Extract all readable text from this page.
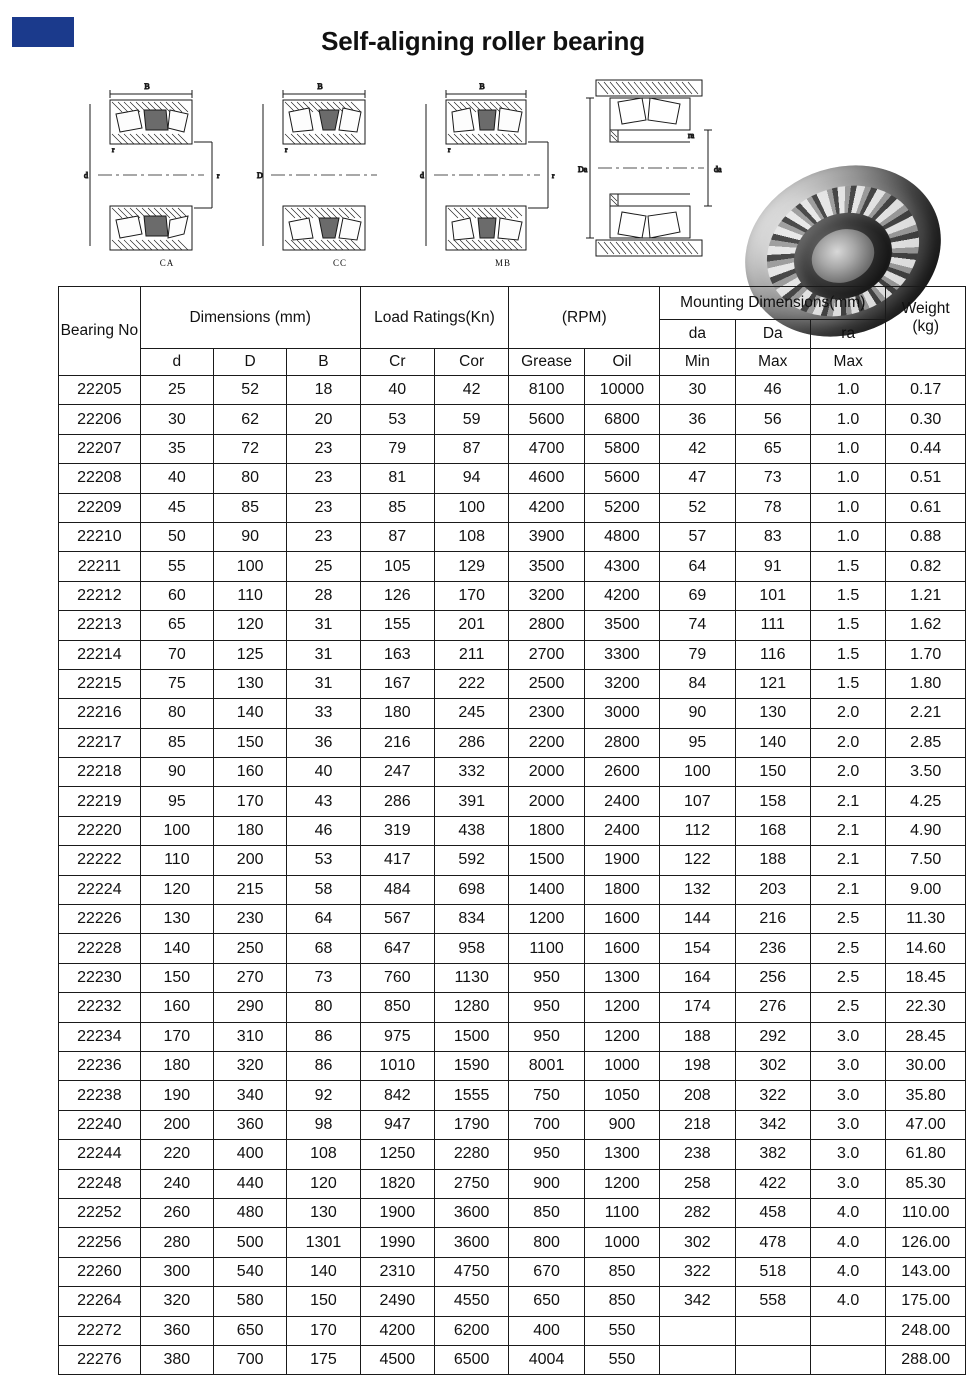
Self-aligning roller bearing
B
d
r
r
CA
B
D
r
CC
B
d
r
r
MB
Da	da
ra
Bearing No	Dimensions (mm)			Load Ratings(Kn)		(RPM)		Mounting Dimensions(mm)			Weight (kg)
								da	Da	ra	
	d	D	B	Cr	Cor	Grease	Oil	Min	Max	Max	
22205	25	52	18	40	42	8100	10000	30	46	1.0	0.17
22206	30	62	20	53	59	5600	6800	36	56	1.0	0.30
22207	35	72	23	79	87	4700	5800	42	65	1.0	0.44
22208	40	80	23	81	94	4600	5600	47	73	1.0	0.51
22209	45	85	23	85	100	4200	5200	52	78	1.0	0.61
22210	50	90	23	87	108	3900	4800	57	83	1.0	0.88
22211	55	100	25	105	129	3500	4300	64	91	1.5	0.82
22212	60	110	28	126	170	3200	4200	69	101	1.5	1.21
22213	65	120	31	155	201	2800	3500	74	111	1.5	1.62
22214	70	125	31	163	211	2700	3300	79	116	1.5	1.70
22215	75	130	31	167	222	2500	3200	84	121	1.5	1.80
22216	80	140	33	180	245	2300	3000	90	130	2.0	2.21
22217	85	150	36	216	286	2200	2800	95	140	2.0	2.85
22218	90	160	40	247	332	2000	2600	100	150	2.0	3.50
22219	95	170	43	286	391	2000	2400	107	158	2.1	4.25
22220	100	180	46	319	438	1800	2400	112	168	2.1	4.90
22222	110	200	53	417	592	1500	1900	122	188	2.1	7.50
22224	120	215	58	484	698	1400	1800	132	203	2.1	9.00
22226	130	230	64	567	834	1200	1600	144	216	2.5	11.30
22228	140	250	68	647	958	1100	1600	154	236	2.5	14.60
22230	150	270	73	760	1130	950	1300	164	256	2.5	18.45
22232	160	290	80	850	1280	950	1200	174	276	2.5	22.30
22234	170	310	86	975	1500	950	1200	188	292	3.0	28.45
22236	180	320	86	1010	1590	8001	1000	198	302	3.0	30.00
22238	190	340	92	842	1555	750	1050	208	322	3.0	35.80
22240	200	360	98	947	1790	700	900	218	342	3.0	47.00
22244	220	400	108	1250	2280	950	1300	238	382	3.0	61.80
22248	240	440	120	1820	2750	900	1200	258	422	3.0	85.30
22252	260	480	130	1900	3600	850	1100	282	458	4.0	110.00
22256	280	500	1301	1990	3600	800	1000	302	478	4.0	126.00
22260	300	540	140	2310	4750	670	850	322	518	4.0	143.00
22264	320	580	150	2490	4550	650	850	342	558	4.0	175.00
22272	360	650	170	4200	6200	400	550				248.00
22276	380	700	175	4500	6500	4004	550				288.00
